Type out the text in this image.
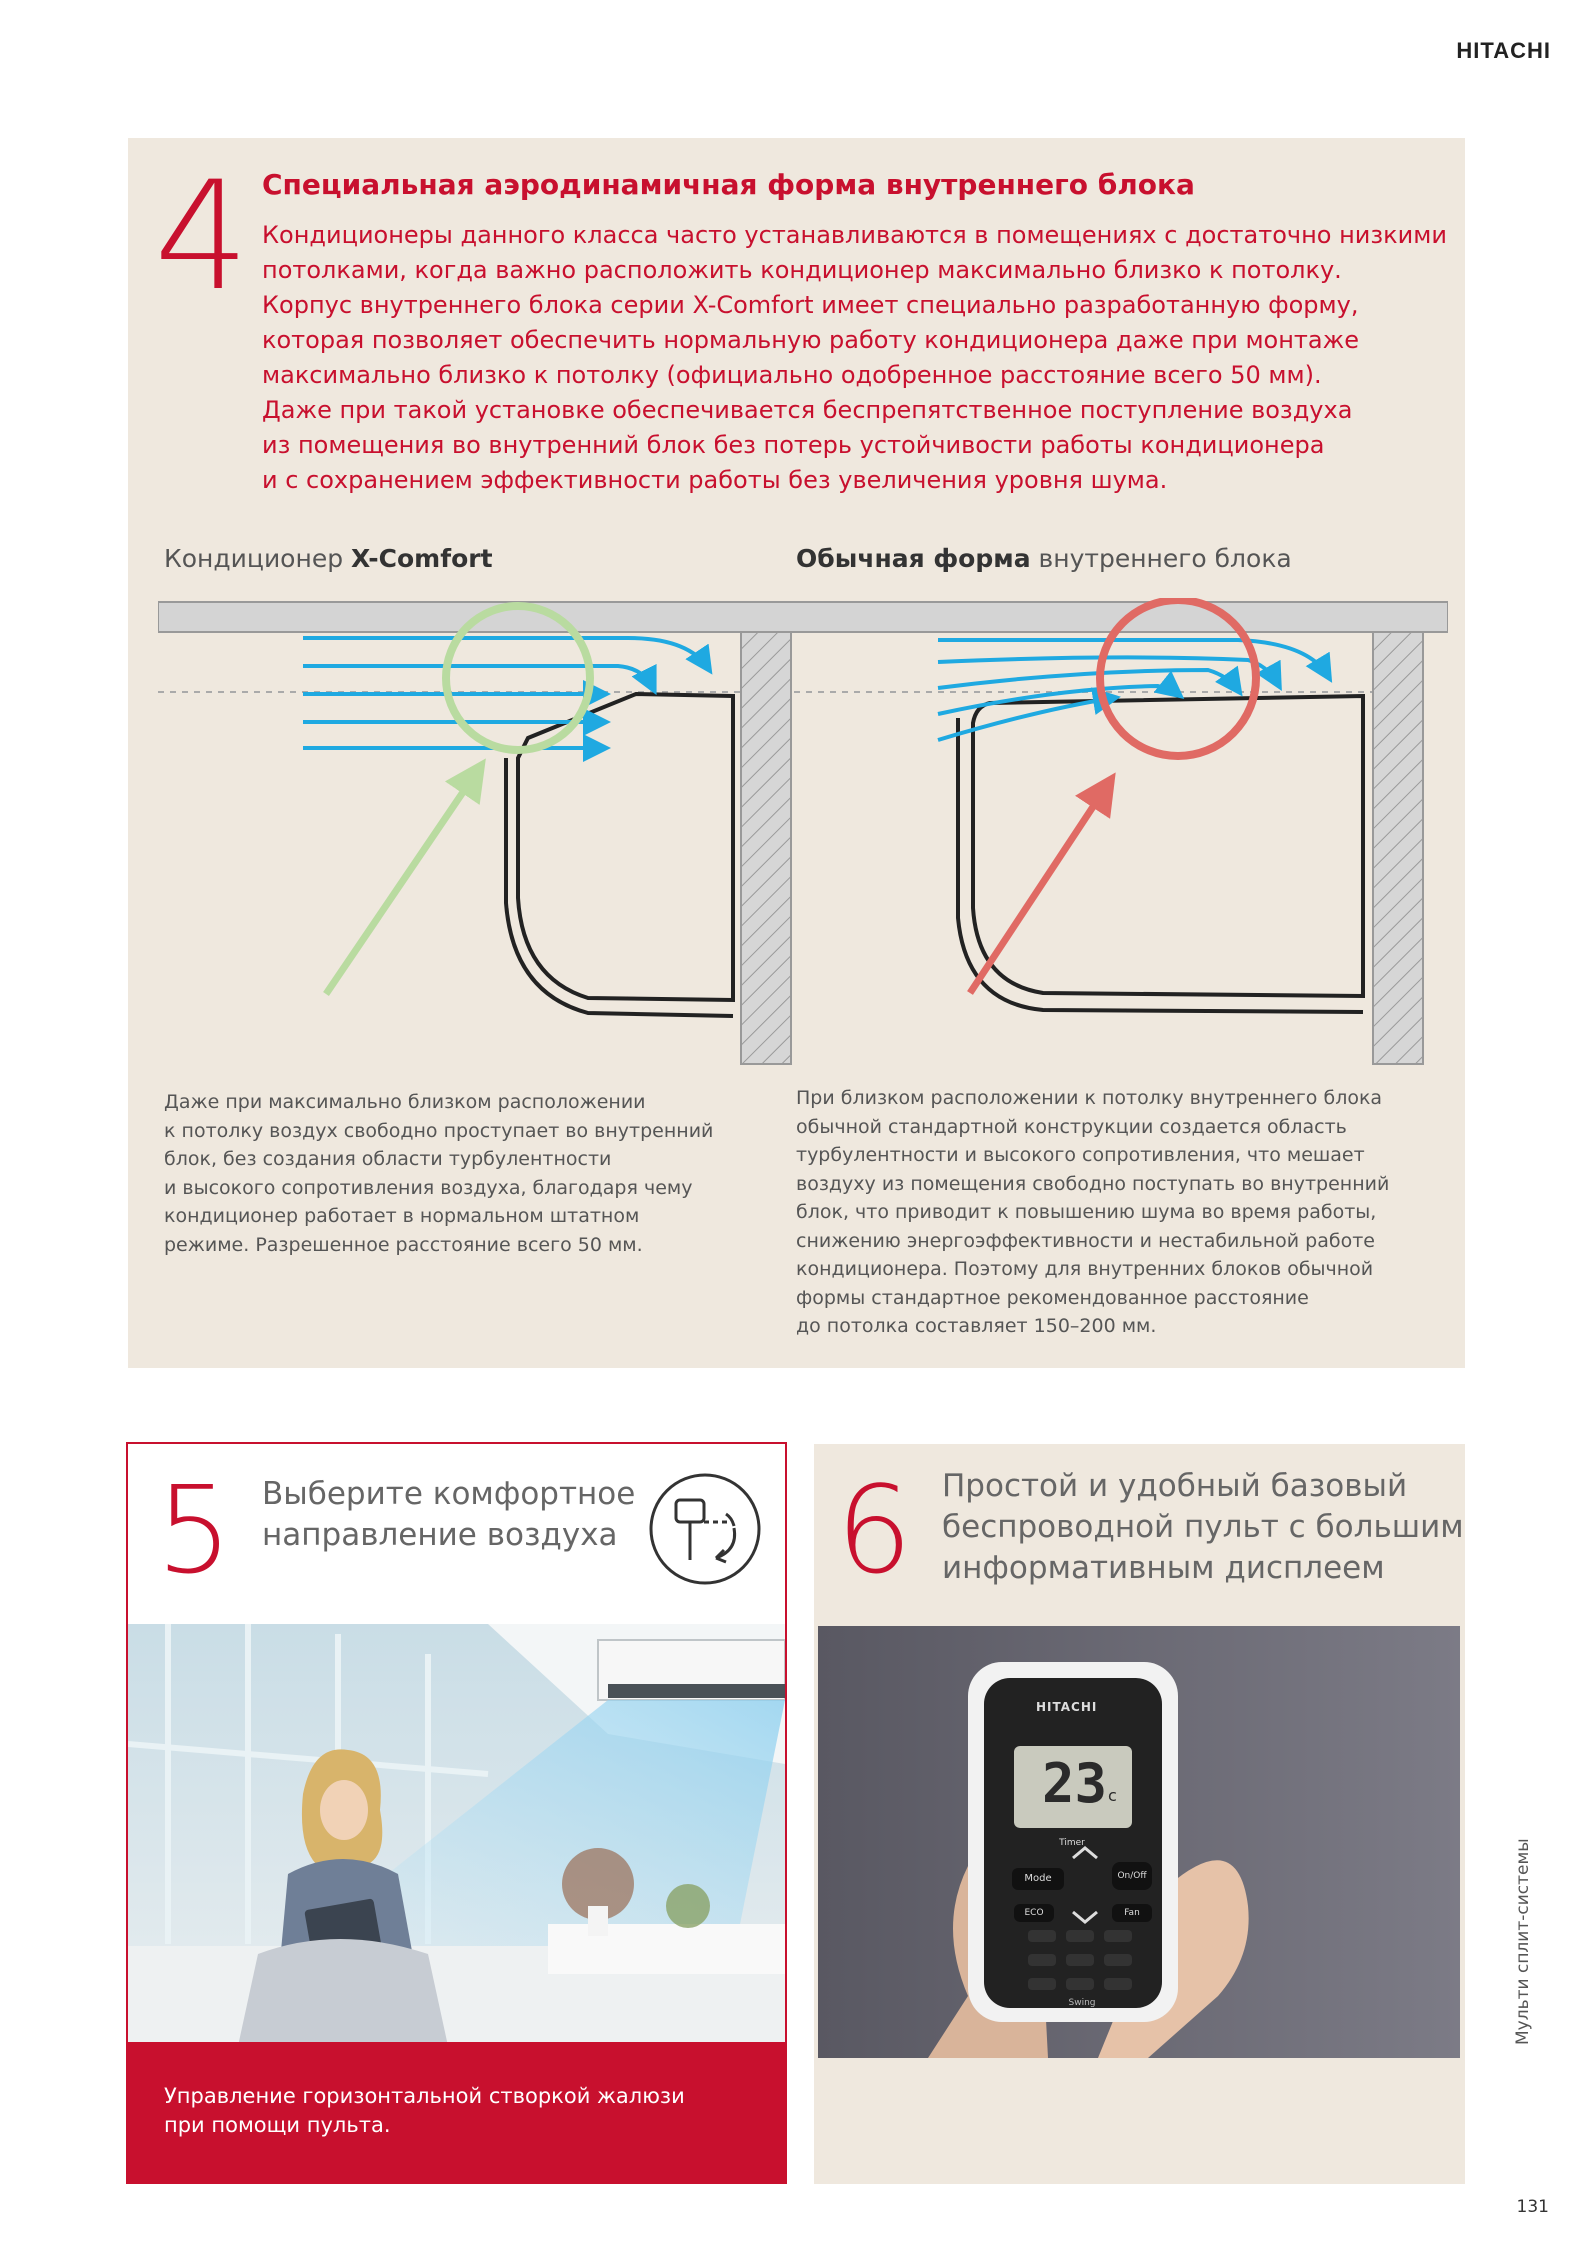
HITACHI
4 Специальная аэродинамичная форма внутреннего блока

Кондиционеры данного класса часто устанавливаются в помещениях с достаточно низкими

потолками, когда важно расположить кондиционер максимально близко к потолку.

Корпус внутреннего блока серии X-Comfort имеет специально разработанную форму,

которая позволяет обеспечить нормальную работу кондиционера даже при монтаже

максимально близко к потолку (официально одобренное расстояние всего 50 мм).

Даже при такой установке обеспечивается беспрепятственное поступление воздуха

из помещения во внутренний блок без потерь устойчивости работы кондиционера

и с сохранением эффективности работы без увеличения уровня шума.

Кондиционер X-Comfort	Обычная форма внутреннего блока

Даже при максимально близком расположении

к потолку воздух свободно проступает во внутренний

блок, без создания области турбулентности

и высокого сопротивления воздуха, благодаря чему

кондиционер работает в нормальном штатном

режиме. Разрешенное расстояние всего 50 мм.

При близком расположении к потолку внутреннего блока

обычной стандартной конструкции создается область

турбулентности и высокого сопротивления, что мешает

воздуху из помещения свободно поступать во внутренний

блок, что приводит к повышению шума во время работы,

снижению энергоэффективности и нестабильной работе

кондиционера. Поэтому для внутренних блоков обычной

формы стандартное рекомендованное расстояние

до потолка составляет 150–200 мм.

5 Выберите комфортное

направление воздуха

Управление горизонтальной створкой жалюзи

при помощи пульта.

6 Простой и удобный базовый

беспроводной пульт с большим

информативным дисплеем

HITACHI
23 c
Mode	On/Off
ECO
Timer
Fan
Swing	Мульти сплит-системы
131
